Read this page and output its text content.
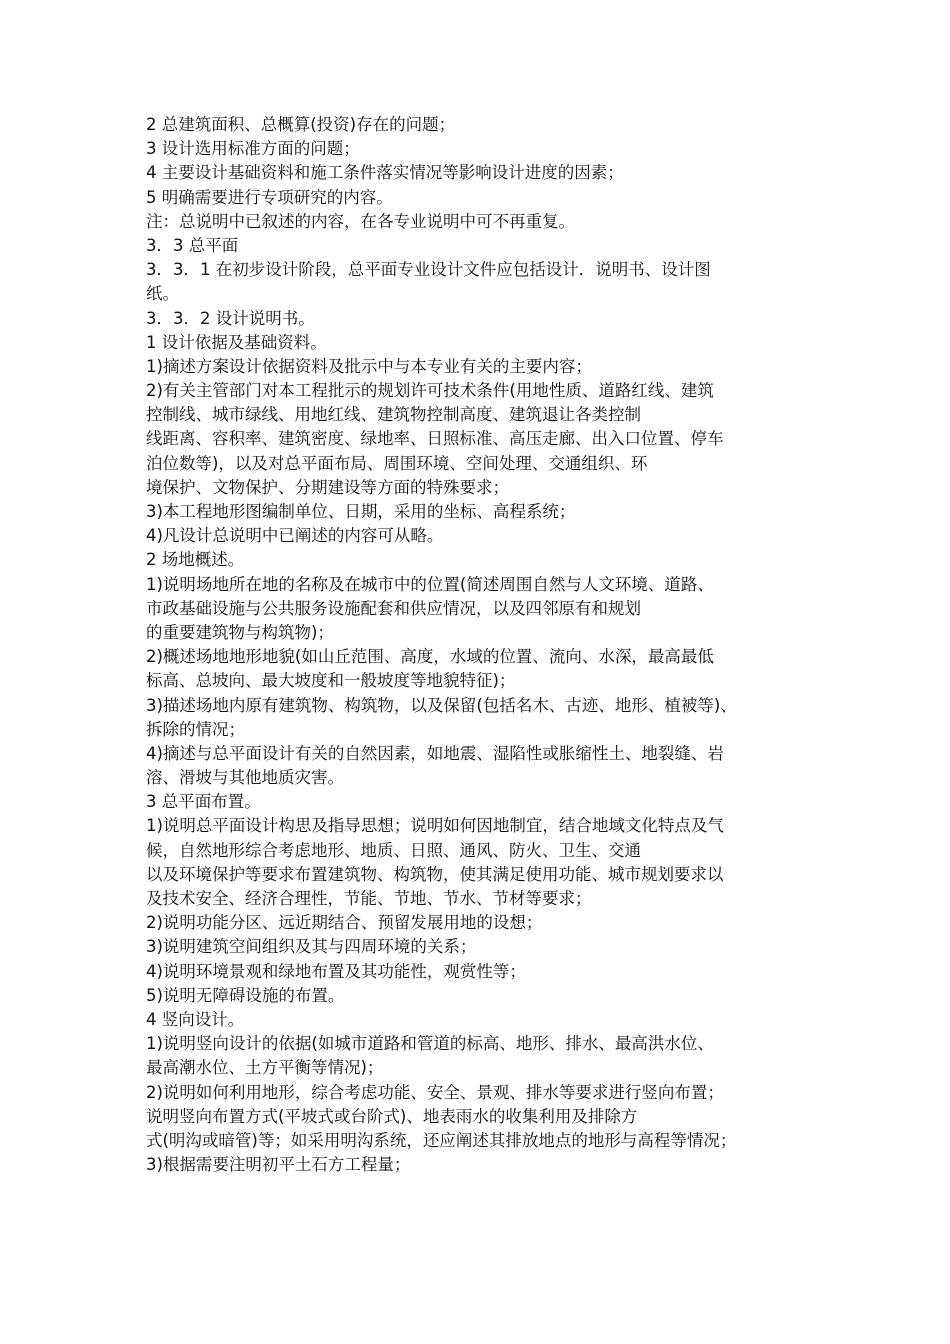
2 总建筑面积、总概算(投资)存在的问题；
3 设计选用标准方面的问题；
4 主要设计基础资料和施工条件落实情况等影响设计进度的因素；
5 明确需要进行专项研究的内容。
注：总说明中已叙述的内容，在各专业说明中可不再重复。
3．3 总平面
3．3．1 在初步设计阶段，总平面专业设计文件应包括设计．说明书、设计图
纸。
3．3．2 设计说明书。
1 设计依据及基础资料。
1)摘述方案设计依据资料及批示中与本专业有关的主要内容；
2)有关主管部门对本工程批示的规划许可技术条件(用地性质、道路红线、建筑
控制线、城市绿线、用地红线、建筑物控制高度、建筑退让各类控制
线距离、容积率、建筑密度、绿地率、日照标准、高压走廊、出入口位置、停车
泊位数等)，以及对总平面布局、周围环境、空间处理、交通组织、环
境保护、文物保护、分期建设等方面的特殊要求；
3)本工程地形图编制单位、日期，采用的坐标、高程系统；
4)凡设计总说明中已阐述的内容可从略。
2 场地概述。
1)说明场地所在地的名称及在城市中的位置(简述周围自然与人文环境、道路、
市政基础设施与公共服务设施配套和供应情况，以及四邻原有和规划
的重要建筑物与构筑物)；
2)概述场地地形地貌(如山丘范围、高度，水域的位置、流向、水深，最高最低
标高、总坡向、最大坡度和一般坡度等地貌特征)；
3)描述场地内原有建筑物、构筑物，以及保留(包括名木、古迹、地形、植被等)、
拆除的情况；
4)摘述与总平面设计有关的自然因素，如地震、湿陷性或胀缩性土、地裂缝、岩
溶、滑坡与其他地质灾害。
3 总平面布置。
1)说明总平面设计构思及指导思想；说明如何因地制宜，结合地域文化特点及气
候，自然地形综合考虑地形、地质、日照、通风、防火、卫生、交通
以及环境保护等要求布置建筑物、构筑物，使其满足使用功能、城市规划要求以
及技术安全、经济合理性，节能、节地、节水、节材等要求；
2)说明功能分区、远近期结合、预留发展用地的设想；
3)说明建筑空间组织及其与四周环境的关系；
4)说明环境景观和绿地布置及其功能性，观赏性等；
5)说明无障碍设施的布置。
4 竖向设计。
1)说明竖向设计的依据(如城市道路和管道的标高、地形、排水、最高洪水位、
最高潮水位、土方平衡等情况)；
2)说明如何利用地形，综合考虑功能、安全、景观、排水等要求进行竖向布置；
说明竖向布置方式(平坡式或台阶式)、地表雨水的收集利用及排除方
式(明沟或暗管)等；如采用明沟系统，还应阐述其排放地点的地形与高程等情况；
3)根据需要注明初平土石方工程量；
